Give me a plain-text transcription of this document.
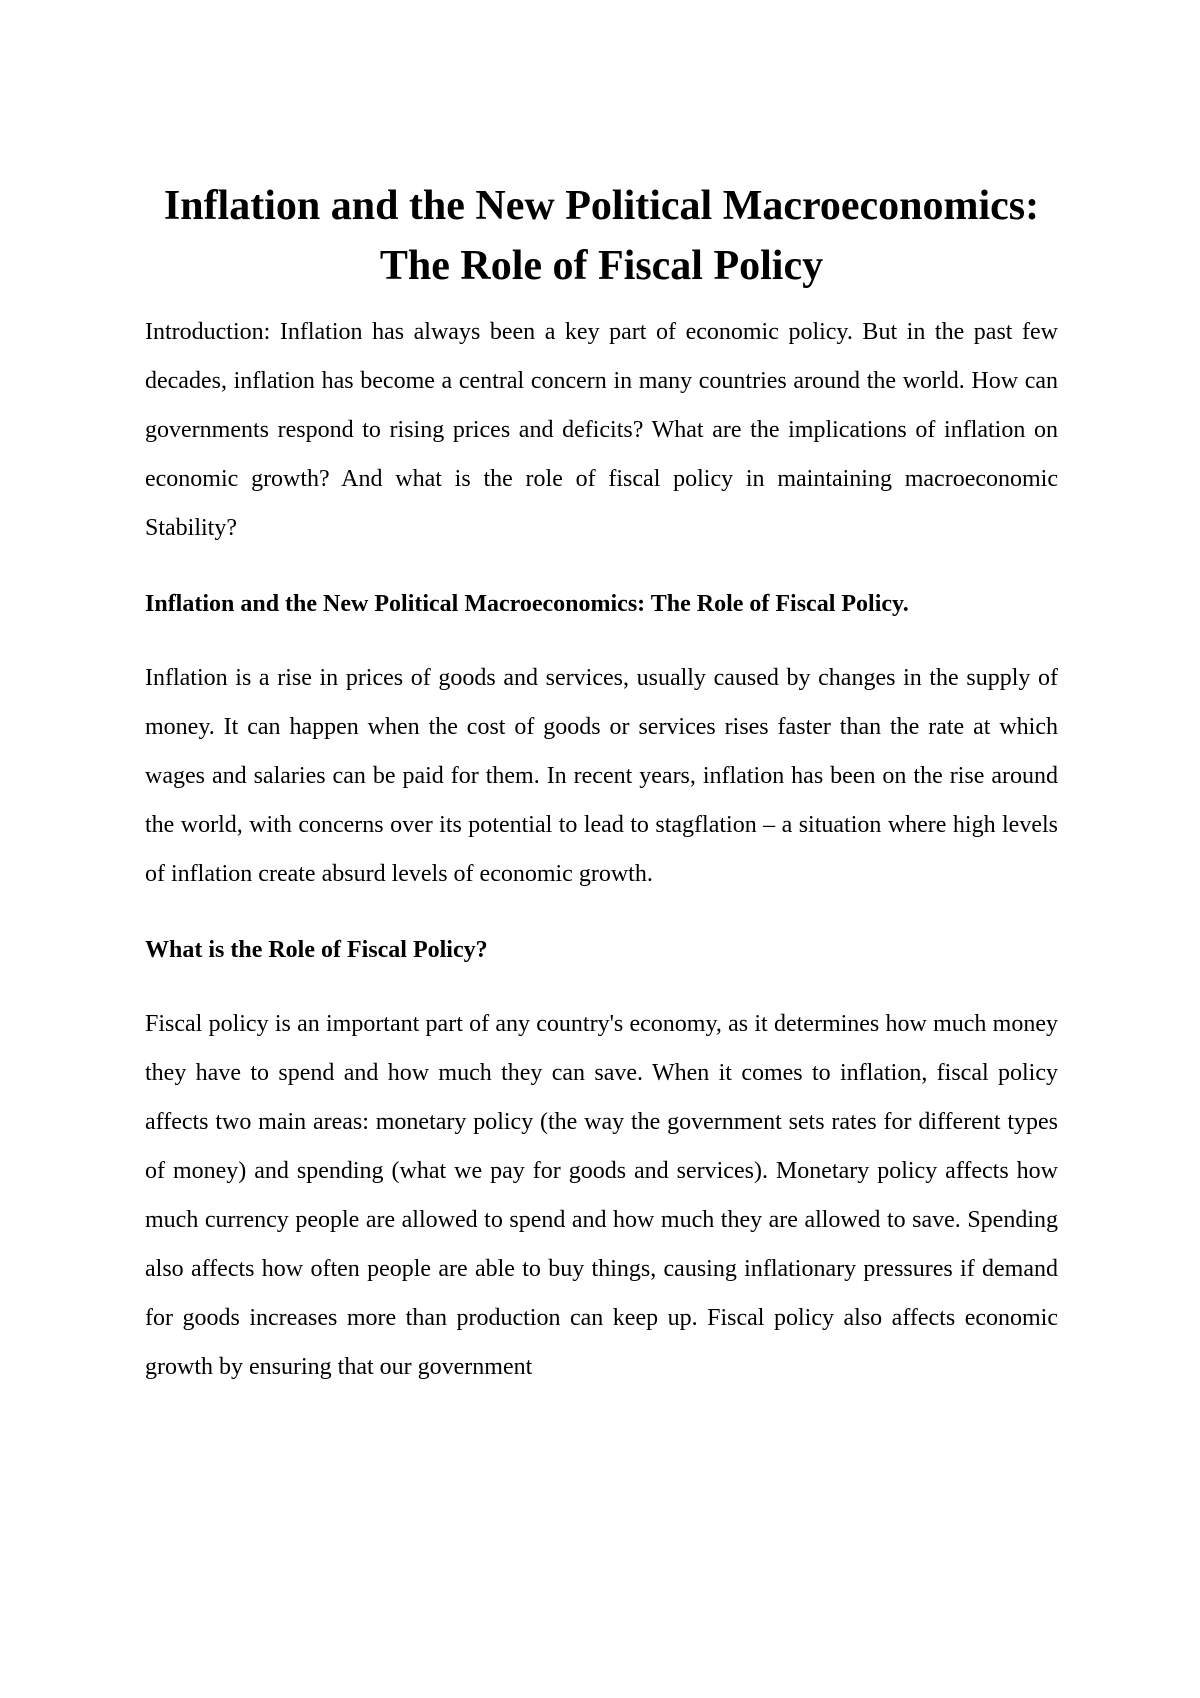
Inflation and the New Political Macroeconomics: The Role of Fiscal Policy

Introduction: Inflation has always been a key part of economic policy. But in the past few decades, inflation has become a central concern in many countries around the world. How can governments respond to rising prices and deficits? What are the implications of inflation on economic growth? And what is the role of fiscal policy in maintaining macroeconomic Stability?

Inflation and the New Political Macroeconomics: The Role of Fiscal Policy.

Inflation is a rise in prices of goods and services, usually caused by changes in the supply of money. It can happen when the cost of goods or services rises faster than the rate at which wages and salaries can be paid for them. In recent years, inflation has been on the rise around the world, with concerns over its potential to lead to stagflation – a situation where high levels of inflation create absurd levels of economic growth.

What is the Role of Fiscal Policy?

Fiscal policy is an important part of any country's economy, as it determines how much money they have to spend and how much they can save. When it comes to inflation, fiscal policy affects two main areas: monetary policy (the way the government sets rates for different types of money) and spending (what we pay for goods and services). Monetary policy affects how much currency people are allowed to spend and how much they are allowed to save. Spending also affects how often people are able to buy things, causing inflationary pressures if demand for goods increases more than production can keep up. Fiscal policy also affects economic growth by ensuring that our government
